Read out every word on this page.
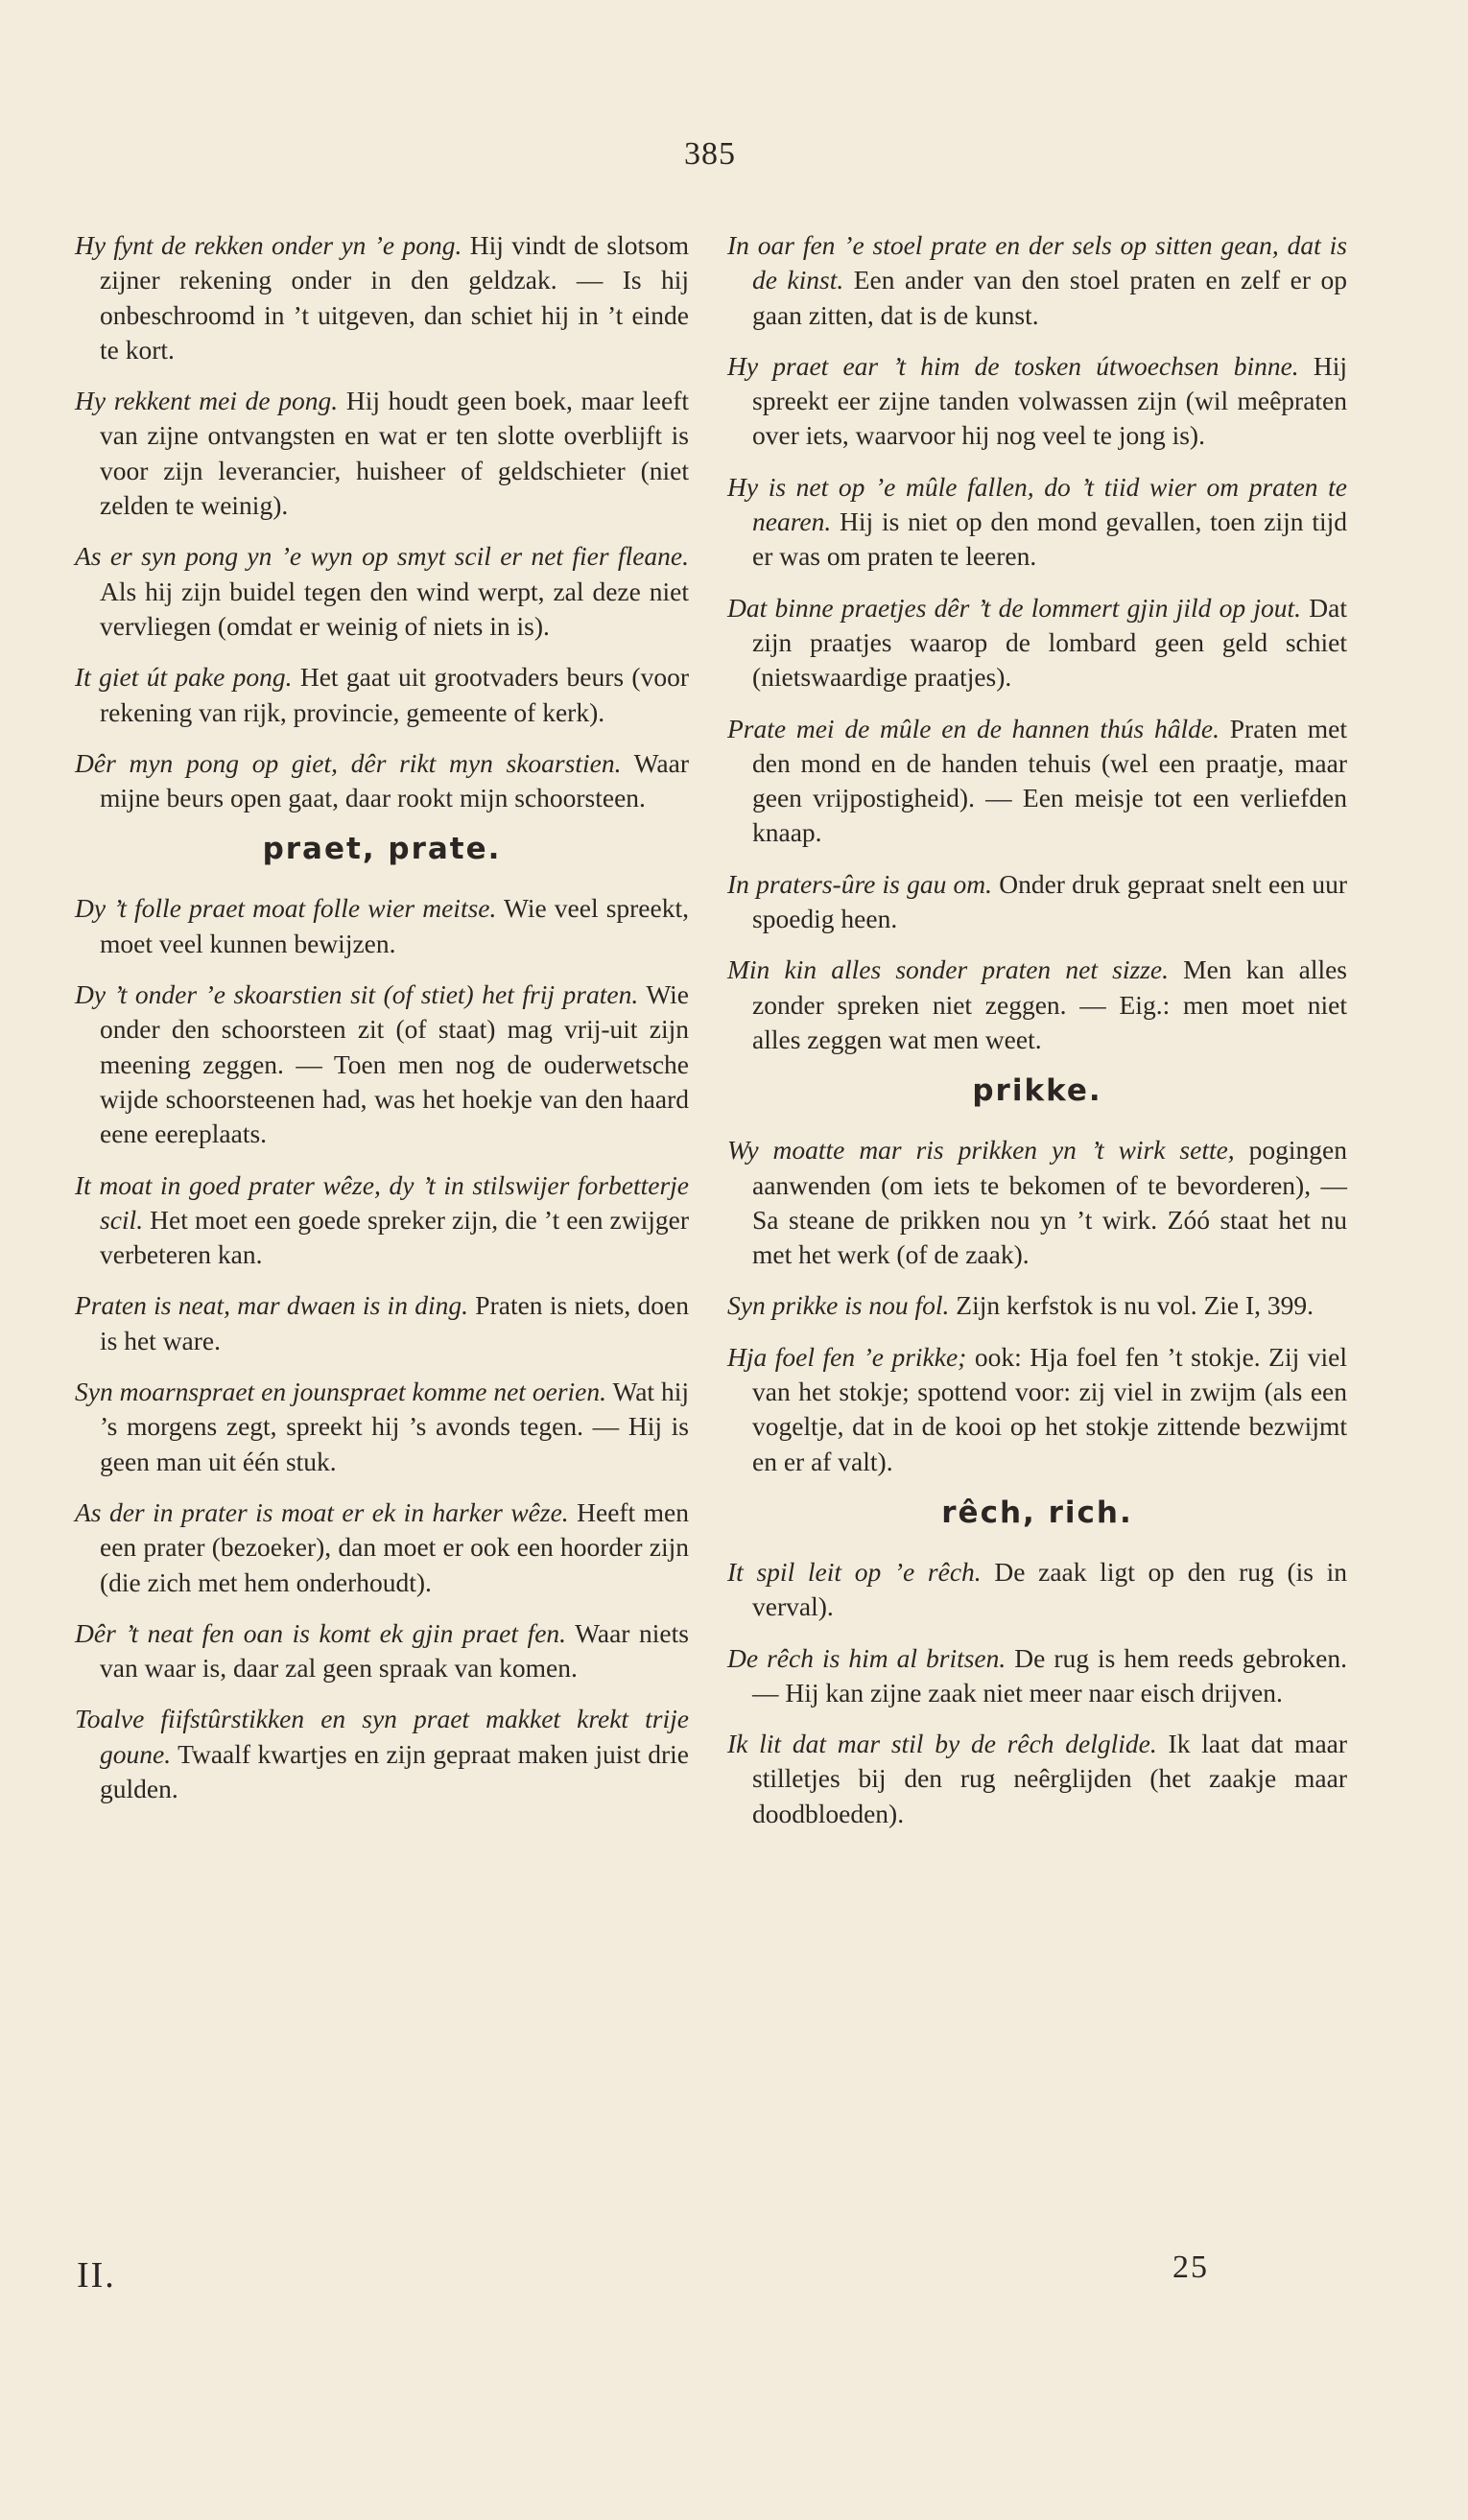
385

Hy fynt de rekken onder yn ’e pong. Hij vindt de slotsom zijner rekening onder in den geldzak. — Is hij onbeschroomd in ’t uitgeven, dan schiet hij in ’t einde te kort.

Hy rekkent mei de pong. Hij houdt geen boek, maar leeft van zijne ontvangsten en wat er ten slotte overblijft is voor zijn leverancier, huisheer of geldschieter (niet zelden te weinig).

As er syn pong yn ’e wyn op smyt scil er net fier fleane. Als hij zijn buidel tegen den wind werpt, zal deze niet vervliegen (omdat er weinig of niets in is).

It giet út pake pong. Het gaat uit grootvaders beurs (voor rekening van rijk, provincie, gemeente of kerk).

Dêr myn pong op giet, dêr rikt myn skoarstien. Waar mijne beurs open gaat, daar rookt mijn schoorsteen.

praet, prate.

Dy ’t folle praet moat folle wier meitse. Wie veel spreekt, moet veel kunnen bewijzen.

Dy ’t onder ’e skoarstien sit (of stiet) het frij praten. Wie onder den schoorsteen zit (of staat) mag vrij-uit zijn meening zeggen. — Toen men nog de ouderwetsche wijde schoorsteenen had, was het hoekje van den haard eene eereplaats.

It moat in goed prater wêze, dy ’t in stilswijer forbetterje scil. Het moet een goede spreker zijn, die ’t een zwijger verbeteren kan.

Praten is neat, mar dwaen is in ding. Praten is niets, doen is het ware.

Syn moarnspraet en jounspraet komme net oerien. Wat hij ’s morgens zegt, spreekt hij ’s avonds tegen. — Hij is geen man uit één stuk.

As der in prater is moat er ek in harker wêze. Heeft men een prater (bezoeker), dan moet er ook een hoorder zijn (die zich met hem onderhoudt).

Dêr ’t neat fen oan is komt ek gjin praet fen. Waar niets van waar is, daar zal geen spraak van komen.

Toalve fiifstûrstikken en syn praet makket krekt trije goune. Twaalf kwartjes en zijn gepraat maken juist drie gulden.

In oar fen ’e stoel prate en der sels op sitten gean, dat is de kinst. Een ander van den stoel praten en zelf er op gaan zitten, dat is de kunst.

Hy praet ear ’t him de tosken útwoechsen binne. Hij spreekt eer zijne tanden volwassen zijn (wil meêpraten over iets, waarvoor hij nog veel te jong is).

Hy is net op ’e mûle fallen, do ’t tiid wier om praten te nearen. Hij is niet op den mond gevallen, toen zijn tijd er was om praten te leeren.

Dat binne praetjes dêr ’t de lommert gjin jild op jout. Dat zijn praatjes waarop de lombard geen geld schiet (nietswaardige praatjes).

Prate mei de mûle en de hannen thús hâlde. Praten met den mond en de handen tehuis (wel een praatje, maar geen vrijpostigheid). — Een meisje tot een verliefden knaap.

In praters-ûre is gau om. Onder druk gepraat snelt een uur spoedig heen.

Min kin alles sonder praten net sizze. Men kan alles zonder spreken niet zeggen. — Eig.: men moet niet alles zeggen wat men weet.

prikke.

Wy moatte mar ris prikken yn ’t wirk sette, pogingen aanwenden (om iets te bekomen of te bevorderen), — Sa steane de prikken nou yn ’t wirk. Zóó staat het nu met het werk (of de zaak).

Syn prikke is nou fol. Zijn kerfstok is nu vol. Zie I, 399.

Hja foel fen ’e prikke; ook: Hja foel fen ’t stokje. Zij viel van het stokje; spottend voor: zij viel in zwijm (als een vogeltje, dat in de kooi op het stokje zittende bezwijmt en er af valt).

rêch, rich.

It spil leit op ’e rêch. De zaak ligt op den rug (is in verval).

De rêch is him al britsen. De rug is hem reeds gebroken. — Hij kan zijne zaak niet meer naar eisch drijven.

Ik lit dat mar stil by de rêch delglide. Ik laat dat maar stilletjes bij den rug neêrglijden (het zaakje maar doodbloeden).

II.	25
